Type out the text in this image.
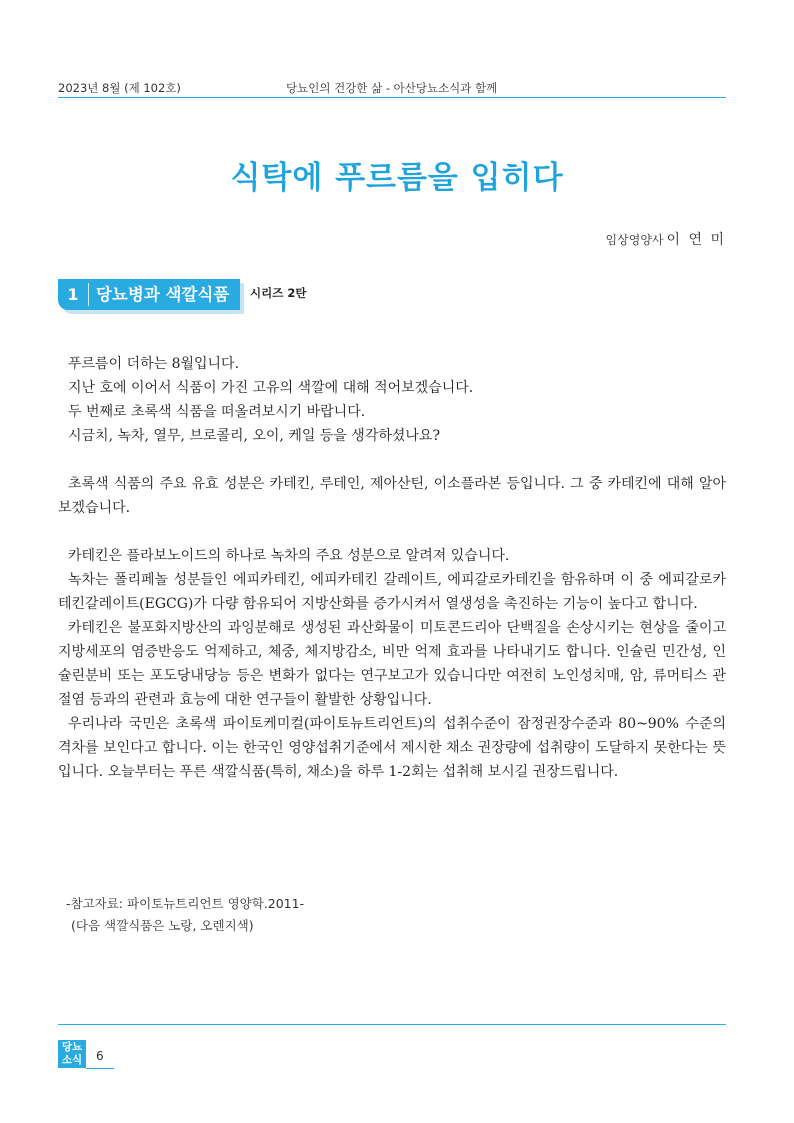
2023년 8월 (제 102호)	당뇨인의 건강한 삶 - 아산당뇨소식과 함께
식탁에 푸르름을 입히다
임상영양사 이 연 미
1	당뇨병과 색깔식품 시리즈 2탄

푸르름이 더하는 8월입니다.

지난 호에 이어서 식품이 가진 고유의 색깔에 대해 적어보겠습니다.

두 번째로 초록색 식품을 떠올려보시기 바랍니다.

시금치, 녹차, 열무, 브로콜리, 오이, 케일 등을 생각하셨나요?

초록색 식품의 주요 유효 성분은 카테킨, 루테인, 제아산틴, 이소플라본 등입니다. 그 중 카테킨에 대해 알아보겠습니다.

카테킨은 플라보노이드의 하나로 녹차의 주요 성분으로 알려져 있습니다.

녹차는 폴리페놀 성분들인 에피카테킨, 에피카테킨 갈레이트, 에피갈로카테킨을 함유하며 이 중 에피갈로카테킨갈레이트(EGCG)가 다량 함유되어 지방산화를 증가시켜서 열생성을 촉진하는 기능이 높다고 합니다.

카테킨은 불포화지방산의 과잉분해로 생성된 과산화물이 미토콘드리아 단백질을 손상시키는 현상을 줄이고 지방세포의 염증반응도 억제하고, 체중, 체지방감소, 비만 억제 효과를 나타내기도 합니다. 인슐린 민간성, 인슐린분비 또는 포도당내당능 등은 변화가 없다는 연구보고가 있습니다만 여전히 노인성치매, 암, 류머티스 관절염 등과의 관련과 효능에 대한 연구들이 활발한 상황입니다.

우리나라 국민은 초록색 파이토케미컬(파이토뉴트리언트)의 섭취수준이 잠정권장수준과 80~90% 수준의 격차를 보인다고 합니다. 이는 한국인 영양섭취기준에서 제시한 채소 권장량에 섭취량이 도달하지 못한다는 뜻입니다. 오늘부터는 푸른 색깔식품(특히, 채소)을 하루 1-2회는 섭취해 보시길 권장드립니다.

-참고자료: 파이토뉴트리언트 영양학.2011-
(다음 색깔식품은 노랑, 오렌지색)
당뇨
소식	6
